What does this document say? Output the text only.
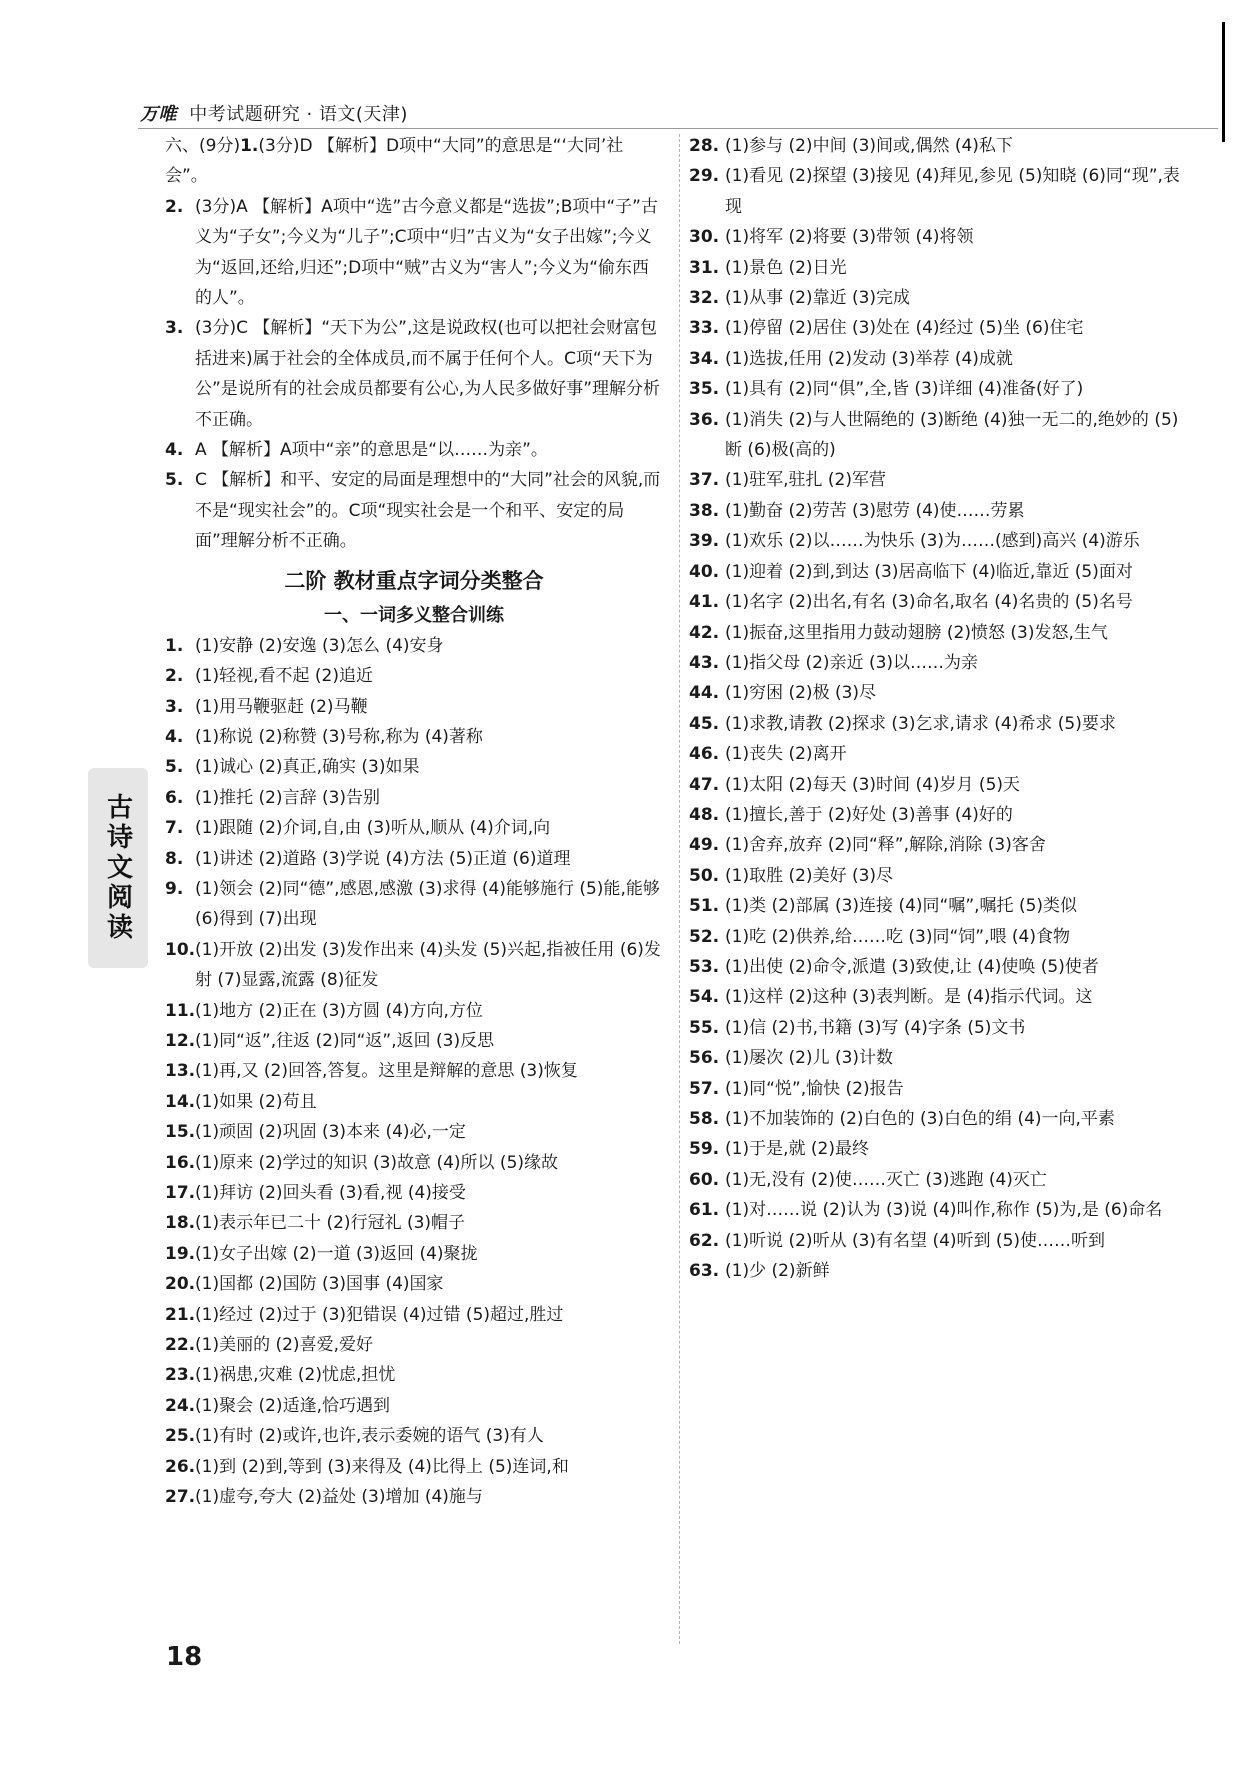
万唯 中考试题研究 · 语文(天津)
古诗文阅读
六、(9分)1.(3分)D 【解析】D项中“大同”的意思是“‘大同’社会”。
2. (3分)A 【解析】A项中“选”古今意义都是“选拔”;B项中“子”古义为“子女”;今义为“儿子”;C项中“归”古义为“女子出嫁”;今义为“返回,还给,归还”;D项中“贼”古义为“害人”;今义为“偷东西的人”。
3. (3分)C 【解析】“天下为公”,这是说政权(也可以把社会财富包括进来)属于社会的全体成员,而不属于任何个人。C项“天下为公”是说所有的社会成员都要有公心,为人民多做好事”理解分析不正确。
4. A 【解析】A项中“亲”的意思是“以……为亲”。
5. C 【解析】和平、安定的局面是理想中的“大同”社会的风貌,而不是“现实社会”的。C项“现实社会是一个和平、安定的局面”理解分析不正确。
二阶 教材重点字词分类整合
一、一词多义整合训练
1. (1)安静 (2)安逸 (3)怎么 (4)安身
2. (1)轻视,看不起 (2)追近
3. (1)用马鞭驱赶 (2)马鞭
4. (1)称说 (2)称赞 (3)号称,称为 (4)著称
5. (1)诚心 (2)真正,确实 (3)如果
6. (1)推托 (2)言辞 (3)告别
7. (1)跟随 (2)介词,自,由 (3)听从,顺从 (4)介词,向
8. (1)讲述 (2)道路 (3)学说 (4)方法 (5)正道 (6)道理
9. (1)领会 (2)同“德”,感恩,感激 (3)求得 (4)能够施行 (5)能,能够 (6)得到 (7)出现
10. (1)开放 (2)出发 (3)发作出来 (4)头发 (5)兴起,指被任用 (6)发射 (7)显露,流露 (8)征发
11. (1)地方 (2)正在 (3)方圆 (4)方向,方位
12. (1)同“返”,往返 (2)同“返”,返回 (3)反思
13. (1)再,又 (2)回答,答复。这里是辩解的意思 (3)恢复
14. (1)如果 (2)苟且
15. (1)顽固 (2)巩固 (3)本来 (4)必,一定
16. (1)原来 (2)学过的知识 (3)故意 (4)所以 (5)缘故
17. (1)拜访 (2)回头看 (3)看,视 (4)接受
18. (1)表示年已二十 (2)行冠礼 (3)帽子
19. (1)女子出嫁 (2)一道 (3)返回 (4)聚拢
20. (1)国都 (2)国防 (3)国事 (4)国家
21. (1)经过 (2)过于 (3)犯错误 (4)过错 (5)超过,胜过
22. (1)美丽的 (2)喜爱,爱好
23. (1)祸患,灾难 (2)忧虑,担忧
24. (1)聚会 (2)适逢,恰巧遇到
25. (1)有时 (2)或许,也许,表示委婉的语气 (3)有人
26. (1)到 (2)到,等到 (3)来得及 (4)比得上 (5)连词,和
27. (1)虚夸,夸大 (2)益处 (3)增加 (4)施与
28. (1)参与 (2)中间 (3)间或,偶然 (4)私下
29. (1)看见 (2)探望 (3)接见 (4)拜见,参见 (5)知晓 (6)同“现”,表现
30. (1)将军 (2)将要 (3)带领 (4)将领
31. (1)景色 (2)日光
32. (1)从事 (2)靠近 (3)完成
33. (1)停留 (2)居住 (3)处在 (4)经过 (5)坐 (6)住宅
34. (1)选拔,任用 (2)发动 (3)举荐 (4)成就
35. (1)具有 (2)同“俱”,全,皆 (3)详细 (4)准备(好了)
36. (1)消失 (2)与人世隔绝的 (3)断绝 (4)独一无二的,绝妙的 (5)断 (6)极(高的)
37. (1)驻军,驻扎 (2)军营
38. (1)勤奋 (2)劳苦 (3)慰劳 (4)使……劳累
39. (1)欢乐 (2)以……为快乐 (3)为……(感到)高兴 (4)游乐
40. (1)迎着 (2)到,到达 (3)居高临下 (4)临近,靠近 (5)面对
41. (1)名字 (2)出名,有名 (3)命名,取名 (4)名贵的 (5)名号
42. (1)振奋,这里指用力鼓动翅膀 (2)愤怒 (3)发怒,生气
43. (1)指父母 (2)亲近 (3)以……为亲
44. (1)穷困 (2)极 (3)尽
45. (1)求教,请教 (2)探求 (3)乞求,请求 (4)希求 (5)要求
46. (1)丧失 (2)离开
47. (1)太阳 (2)每天 (3)时间 (4)岁月 (5)天
48. (1)擅长,善于 (2)好处 (3)善事 (4)好的
49. (1)舍弃,放弃 (2)同“释”,解除,消除 (3)客舍
50. (1)取胜 (2)美好 (3)尽
51. (1)类 (2)部属 (3)连接 (4)同“嘱”,嘱托 (5)类似
52. (1)吃 (2)供养,给……吃 (3)同“饲”,喂 (4)食物
53. (1)出使 (2)命令,派遣 (3)致使,让 (4)使唤 (5)使者
54. (1)这样 (2)这种 (3)表判断。是 (4)指示代词。这
55. (1)信 (2)书,书籍 (3)写 (4)字条 (5)文书
56. (1)屡次 (2)儿 (3)计数
57. (1)同“悦”,愉快 (2)报告
58. (1)不加装饰的 (2)白色的 (3)白色的绢 (4)一向,平素
59. (1)于是,就 (2)最终
60. (1)无,没有 (2)使……灭亡 (3)逃跑 (4)灭亡
61. (1)对……说 (2)认为 (3)说 (4)叫作,称作 (5)为,是 (6)命名
62. (1)听说 (2)听从 (3)有名望 (4)听到 (5)使……听到
63. (1)少 (2)新鲜
18
